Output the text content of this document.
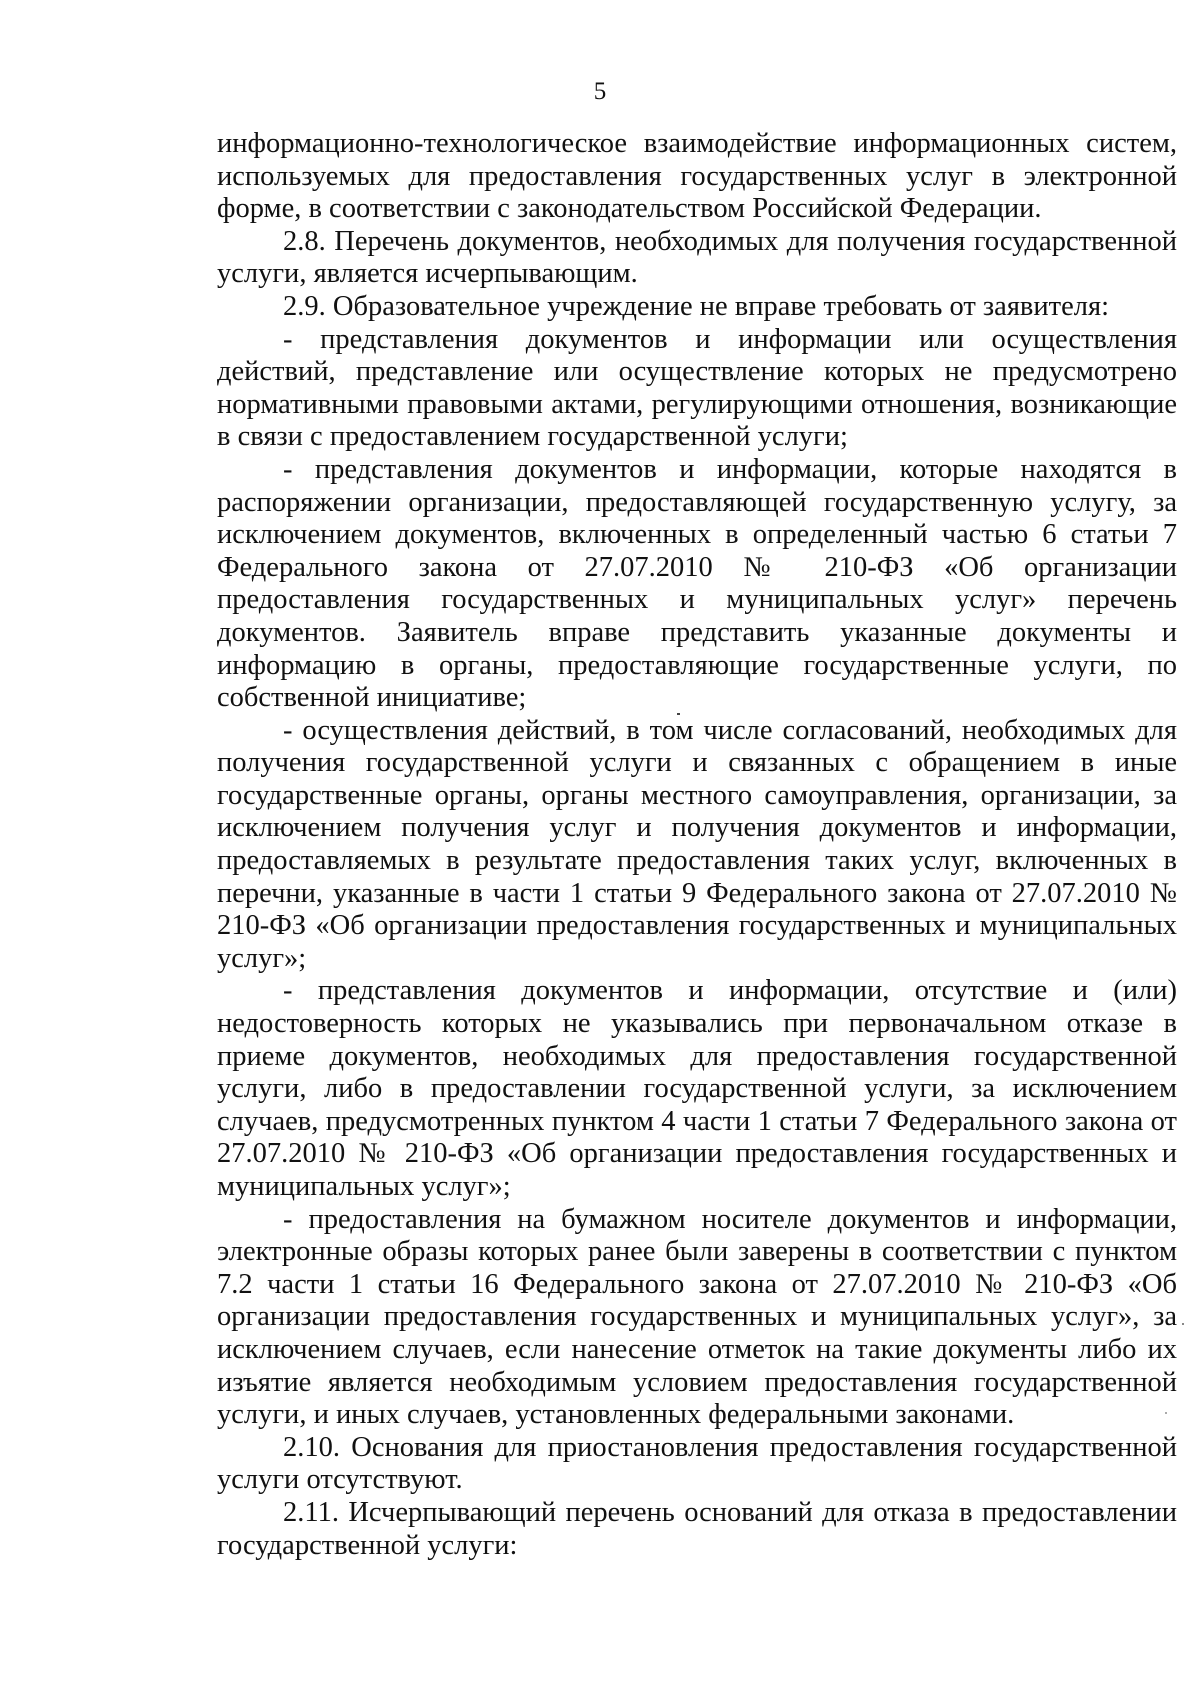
5

информационно-технологическое взаимодействие информационных систем, используемых для предоставления государственных услуг в электронной форме, в соответствии с законодательством Российской Федерации.

2.8. Перечень документов, необходимых для получения государственной услуги, является исчерпывающим.

2.9. Образовательное учреждение не вправе требовать от заявителя:

- представления документов и информации или осуществления действий, представление или осуществление которых не предусмотрено нормативными правовыми актами, регулирующими отношения, возникающие в связи с предоставлением государственной услуги;

- представления документов и информации, которые находятся в распоряжении организации, предоставляющей государственную услугу, за исключением документов, включенных в определенный частью 6 статьи 7 Федерального закона от 27.07.2010 № 210-ФЗ «Об организации предоставления государственных и муниципальных услуг» перечень документов. Заявитель вправе представить указанные документы и информацию в органы, предоставляющие государственные услуги, по собственной инициативе;

- осуществления действий, в том числе согласований, необходимых для получения государственной услуги и связанных с обращением в иные государственные органы, органы местного самоуправления, организации, за исключением получения услуг и получения документов и информации, предоставляемых в результате предоставления таких услуг, включенных в перечни, указанные в части 1 статьи 9 Федерального закона от 27.07.2010 № 210-ФЗ «Об организации предоставления государственных и муниципальных услуг»;

- представления документов и информации, отсутствие и (или) недостоверность которых не указывались при первоначальном отказе в приеме документов, необходимых для предоставления государственной услуги, либо в предоставлении государственной услуги, за исключением случаев, предусмотренных пунктом 4 части 1 статьи 7 Федерального закона от 27.07.2010 № 210-ФЗ «Об организации предоставления государственных и муниципальных услуг»;

- предоставления на бумажном носителе документов и информации, электронные образы которых ранее были заверены в соответствии с пунктом 7.2 части 1 статьи 16 Федерального закона от 27.07.2010 № 210-ФЗ «Об организации предоставления государственных и муниципальных услуг», за исключением случаев, если нанесение отметок на такие документы либо их изъятие является необходимым условием предоставления государственной услуги, и иных случаев, установленных федеральными законами.

2.10. Основания для приостановления предоставления государственной услуги отсутствуют.

2.11. Исчерпывающий перечень оснований для отказа в предоставлении государственной услуги:
